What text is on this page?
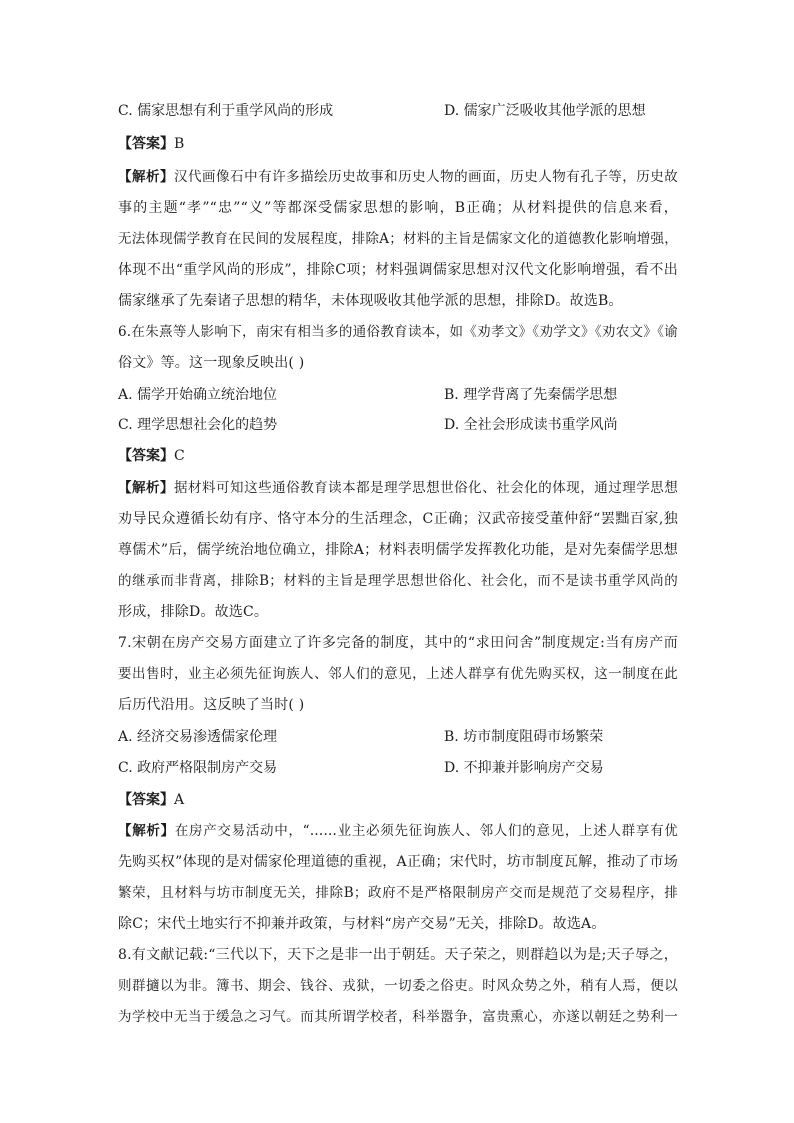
C. 儒家思想有利于重学风尚的形成	D. 儒家广泛吸收其他学派的思想
【答案】B
【解析】汉代画像石中有许多描绘历史故事和历史人物的画面，历史人物有孔子等，历史故
事的主题“孝”“忠”“义”等都深受儒家思想的影响，B正确；从材料提供的信息来看，
无法体现儒学教育在民间的发展程度，排除A；材料的主旨是儒家文化的道德教化影响增强，
体现不出“重学风尚的形成”，排除C项；材料强调儒家思想对汉代文化影响增强，看不出
儒家继承了先秦诸子思想的精华，未体现吸收其他学派的思想，排除D。故选B。
6.在朱熹等人影响下，南宋有相当多的通俗教育读本，如《劝孝文》《劝学文》《劝农文》《谕
俗文》等。这一现象反映出( )
A. 儒学开始确立统治地位	B. 理学背离了先秦儒学思想
C. 理学思想社会化的趋势	D. 全社会形成读书重学风尚
【答案】C
【解析】据材料可知这些通俗教育读本都是理学思想世俗化、社会化的体现，通过理学思想
劝导民众遵循长幼有序、恪守本分的生活理念，C正确；汉武帝接受董仲舒“罢黜百家,独
尊儒术”后，儒学统治地位确立，排除A；材料表明儒学发挥教化功能，是对先秦儒学思想
的继承而非背离，排除B；材料的主旨是理学思想世俗化、社会化，而不是读书重学风尚的
形成，排除D。故选C。
7.宋朝在房产交易方面建立了许多完备的制度，其中的“求田问舍”制度规定:当有房产而
要出售时，业主必须先征询族人、邻人们的意见，上述人群享有优先购买权，这一制度在此
后历代沿用。这反映了当时( )
A. 经济交易渗透儒家伦理	B. 坊市制度阻碍市场繁荣
C. 政府严格限制房产交易	D. 不抑兼并影响房产交易
【答案】A
【解析】在房产交易活动中，“……业主必须先征询族人、邻人们的意见，上述人群享有优
先购买权”体现的是对儒家伦理道德的重视，A正确；宋代时，坊市制度瓦解，推动了市场
繁荣，且材料与坊市制度无关，排除B；政府不是严格限制房产交而是规范了交易程序，排
除C；宋代土地实行不抑兼并政策，与材料“房产交易”无关，排除D。故选A。
8.有文献记载:“三代以下，天下之是非一出于朝廷。天子荣之，则群趋以为是;天子辱之，
则群擿以为非。簿书、期会、钱谷、戎狱，一切委之俗吏。时风众势之外，稍有人焉，便以
为学校中无当于缓急之习气。而其所谓学校者，科举嚣争，富贵熏心，亦遂以朝廷之势利一
